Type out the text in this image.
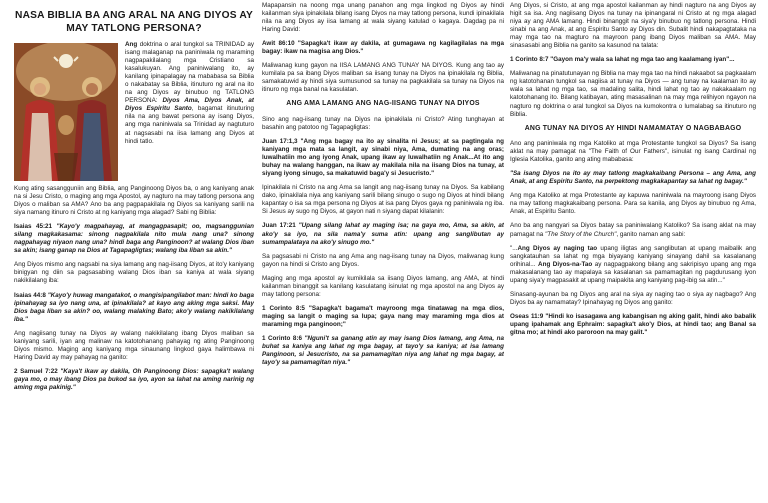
NASA BIBLIA BA ANG ARAL NA ANG DIYOS AY MAY TATLONG PERSONA?

Ang doktrina o aral tungkol sa TRINIDAD ay isang malaganap na paniniwala ng maraming nagpapakilalang mga Cristiano sa kasalukuyan. Ang paniniwalang ito, ay kanilang ipinapalagay na mababasa sa Biblia o nakabatay sa Biblia, itinuturo ng aral na ito na ang Diyos ay binubuo ng TATLONG PERSONA: Diyos Ama, Diyos Anak, at Diyos Espiritu Santo, bagamat itinuturing nila na ang bawat persona ay isang Diyos, ang mga naniniwala sa Trinidad ay nagtuturo at nagsasabi na iisa lamang ang Diyos at hindi tatlo.

Kung ating sasangguniin ang Biblia, ang Panginoong Diyos ba, o ang kaniyang anak na si Jesu Cristo, o maging ang mga Apostol, ay nagturo na may tatlong persona ang Diyos o maliban sa AMA? Ano ba ang pagpapakilala ng Diyos sa kaniyang sarili na siya namang itinuro ni Cristo at ng kaniyang mga alagad? Sabi ng Biblia:

Isaias 45:21 "Kayo'y magpahayag, at mangagpasapit; oo, magsanggunian silang magkakasama: sinong nagpakilala nito mula nang una? sinong nagpahayag niyaon nang una? hindi baga ang Panginoon? at walang Dios iban sa akin; isang ganap na Dios at Tagapagligtas; walang iba liban sa akin."

Ang Diyos mismo ang nagsabi na siya lamang ang nag-iisang Diyos, at ito'y kaniyang binigyan ng diin sa pagsasabing walang Dios iban sa kaniya at wala siyang nakikilalang iba:

Isaias 44:8 "Kayo'y huwag mangatakot, o mangisipangilabot man: hindi ko baga ipinahayag sa iyo nang una, at ipinakilala? at kayo ang aking mga saksi. May Dios baga liban sa akin? oo, walang malaking Bato; ako'y walang nakikilalang iba."

Ang nagiisang tunay na Diyos ay walang nakikilalang ibang Diyos maliban sa kaniyang sarili, iyan ang malinaw na katotohanang pahayag ng ating Panginoong Diyos mismo. Maging ang kaniyang mga sinaunang lingkod gaya halimbawa ni Haring David ay may pahayag na ganito:

2 Samuel 7:22 "Kaya't ikaw ay dakila, Oh Panginoong Dios: sapagka't walang gaya mo, o may ibang Dios pa bukod sa iyo, ayon sa lahat na aming narinig ng aming mga pakinig."

Mapapansin na noong mga unang panahon ang mga lingkod ng Diyos ay hindi kailanman siya ipinakilala bilang isang Diyos na may tatlong persona, kundi ipinakilala nila na ang Diyos ay iisa lamang at wala siyang katulad o kagaya. Dagdag pa ni Haring David:

Awit 86:10 "Sapagka't ikaw ay dakila, at gumagawa ng kagilagilalas na mga bagay: ikaw na magisa ang Dios."

Maliwanag kung gayon na IISA LAMANG ANG TUNAY NA DIYOS. Kung ang tao ay kumilala pa sa ibang Diyos maliban sa iisang tunay na Diyos na ipinakilala ng Biblia, samakatuwid ay hindi siya sumusunod sa tunay na pagkakilala sa tunay na Diyos na itinuro ng mga banal na kasulatan.

ANG AMA LAMANG ANG NAG-IISANG TUNAY NA DIYOS

Sino ang nag-iisang tunay na Diyos na ipinakilala ni Cristo? Ating tunghayan at basahin ang patotoo ng Tagapagligtas:

Juan 17:1,3 "Ang mga bagay na ito ay sinalita ni Jesus; at sa pagtingala ng kaniyang mga mata sa langit, ay sinabi niya, Ama, dumating na ang oras; luwalhatiin mo ang iyong Anak, upang ikaw ay luwalhatiin ng Anak...At ito ang buhay na walang hanggan, na ikaw ay makilala nila na iisang Dios na tunay, at siyang iyong sinugo, sa makatuwid baga'y si Jesucristo."

Ipinakilala ni Cristo na ang Ama sa langit ang nag-iisang tunay na Diyos. Sa kabilang dako, ipinakilala niya ang kaniyang sarili bilang sinugo o sugo ng Diyos at hindi bilang kapantay o isa sa mga persona ng Diyos at isa pang Diyos gaya ng paniniwala ng iba. Si Jesus ay sugo ng Diyos, at gayon nati n siyang dapat kilalanin:

Juan 17:21 "Upang silang lahat ay maging isa; na gaya mo, Ama, sa akin, at ako'y sa iyo, na sila nama'y suma atin: upang ang sanglibutan ay sumampalataya na ako'y sinugo mo."

Sa pagsasabi ni Cristo na ang Ama ang nag-iisang tunay na Diyos, maliwanag kung gayon na hindi si Cristo ang Diyos.

Maging ang mga apostol ay kumikilala sa iisang Diyos lamang, ang AMA, at hindi kailanman binanggit sa kanilang kasulatang isinulat ng mga apostol na ang Diyos ay may tatlong persona:

1 Corinto 8:5 "Sapagka't bagama't mayroong mga tinatawag na mga dios, maging sa langit o maging sa lupa; gaya nang may maraming mga dios at maraming mga panginoon;"

1 Corinto 8:6 "Nguni't sa ganang atin ay may isang Dios lamang, ang Ama, na buhat sa kaniya ang lahat ng mga bagay, at tayo'y sa kaniya; at isa lamang Panginoon, si Jesucristo, na sa pamamagitan niya ang lahat ng mga bagay, at tayo'y sa pamamagitan niya."

Ang Diyos, si Cristo, at ang mga apostol kailanman ay hindi nagturo na ang Diyos ay higit sa isa. Ang nagiisang Diyos na tunay na ipinangaral ni Cristo at ng mga alagad niya ay ang AMA lamang. Hindi binanggit na siya'y binubuo ng tatlong persona. Hindi sinabi na ang Anak, at ang Espiritu Santo ay Diyos din. Subalit hindi nakapagtataka na may mga tao na magturo na mayroon pang ibang Diyos maliban sa AMA. May sinasasabi ang Biblia na ganito sa kasunod na talata:

1 Corinto 8:7 "Gayon ma'y wala sa lahat ng mga tao ang kaalamang iyan"...

Maliwanag na pinatutunayan ng Biblia na may mga tao na hindi nakaabot sa pagkaalam ng katotohanan tungkol sa nagiisa at tunay na Diyos — ang tunay na kaalaman ito ay wala sa lahat ng mga tao, sa madaling salita, hindi lahat ng tao ay nakakaalam ng katotohanang ito. Bilang katibayan, ating masasalinan na may mga relihiyon ngayon na nagturo ng doktrina o aral tungkol sa Diyos na kumokontra o lumalabag sa itinuturo ng Biblia.

ANG TUNAY NA DIYOS AY HINDI NAMAMATAY O NAGBABAGO

Ano ang paniniwala ng mga Katoliko at mga Protestante tungkol sa Diyos? Sa isang aklat na may pamagat na "The Faith of Our Fathers", isinulat ng isang Cardinal ng Iglesia Katolika, ganito ang ating mababasa:

"Sa isang Diyos na ito ay may tatlong magkakaibang Persona – ang Ama, ang Anak, at ang Espiritu Santo, na perpektong magkakapantay sa lahat ng bagay."

Ang mga Katoliko at mga Protestante ay kapuwa naniniwala na mayroong isang Diyos na may tatlong magkakaibang persona. Para sa kanila, ang Diyos ay binubuo ng Ama, Anak, at Espiritu Santo.

Ano ba ang nangyari sa Diyos batay sa paniniwalang Katoliko? Sa isang aklat na may pamagat na "The Story of the Church", ganito naman ang sabi:

"...Ang Diyos ay naging tao upang iligtas ang sanglibutan at upang maibalik ang sangkatauhan sa lahat ng mga biyayang kaniyang sinayang dahil sa kasalanang orihinal... Ang Diyos-na-Tao ay nagpagpakong bilang ang sakripisyo upang ang mga makasalanang tao ay mapalaya sa kasalanan sa pamamagitan ng pagdurusang iyon upang siya'y magpasakit at upang maipakita ang kaniyang pag-ibig sa atin..."

Sinasang-ayunan ba ng Diyos ang aral na siya ay naging tao o siya ay nagbago? Ang Diyos ba ay namamatay? Ipinahayag ng Diyos ang ganito:

Oseas 11:9 "Hindi ko isasagawa ang kabangisan ng aking galit, hindi ako babalik upang ipahamak ang Ephraim: sapagka't ako'y Dios, at hindi tao; ang Banal sa gitna mo; at hindi ako paroroon na may galit."
